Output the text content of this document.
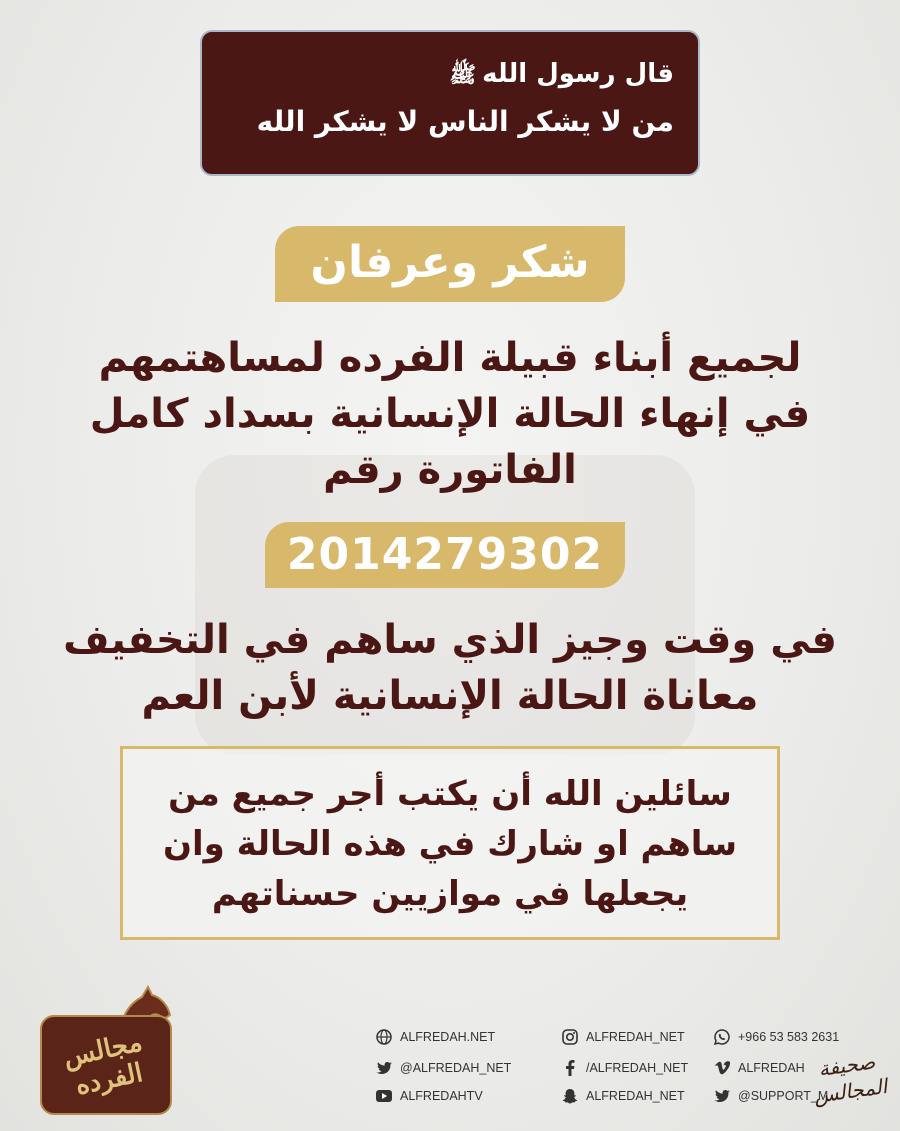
قال رسول اللهﷺ
من لا يشكر الناس لا يشكر الله
شكر وعرفان
لجميع أبناء قبيلة الفرده لمساهتمهم
في إنهاء الحالة الإنسانية بسداد كامل
الفاتورة رقم
2014279302
في وقت وجيز الذي ساهم في التخفيف
معاناة الحالة الإنسانية لأبن العم
سائلين الله أن يكتب أجر جميع من
ساهم او شارك في هذه الحالة وان
يجعلها في موازيين حسناتهم
مجالس الفرده
ALFREDAH.NET
@ALFREDAH_NET
ALFREDAHTV
ALFREDAH_NET
/ALFREDAH_NET
ALFREDAH_NET
+966 53 583 2631
ALFREDAH
@SUPPORT_M
صحيفة
المجالس
